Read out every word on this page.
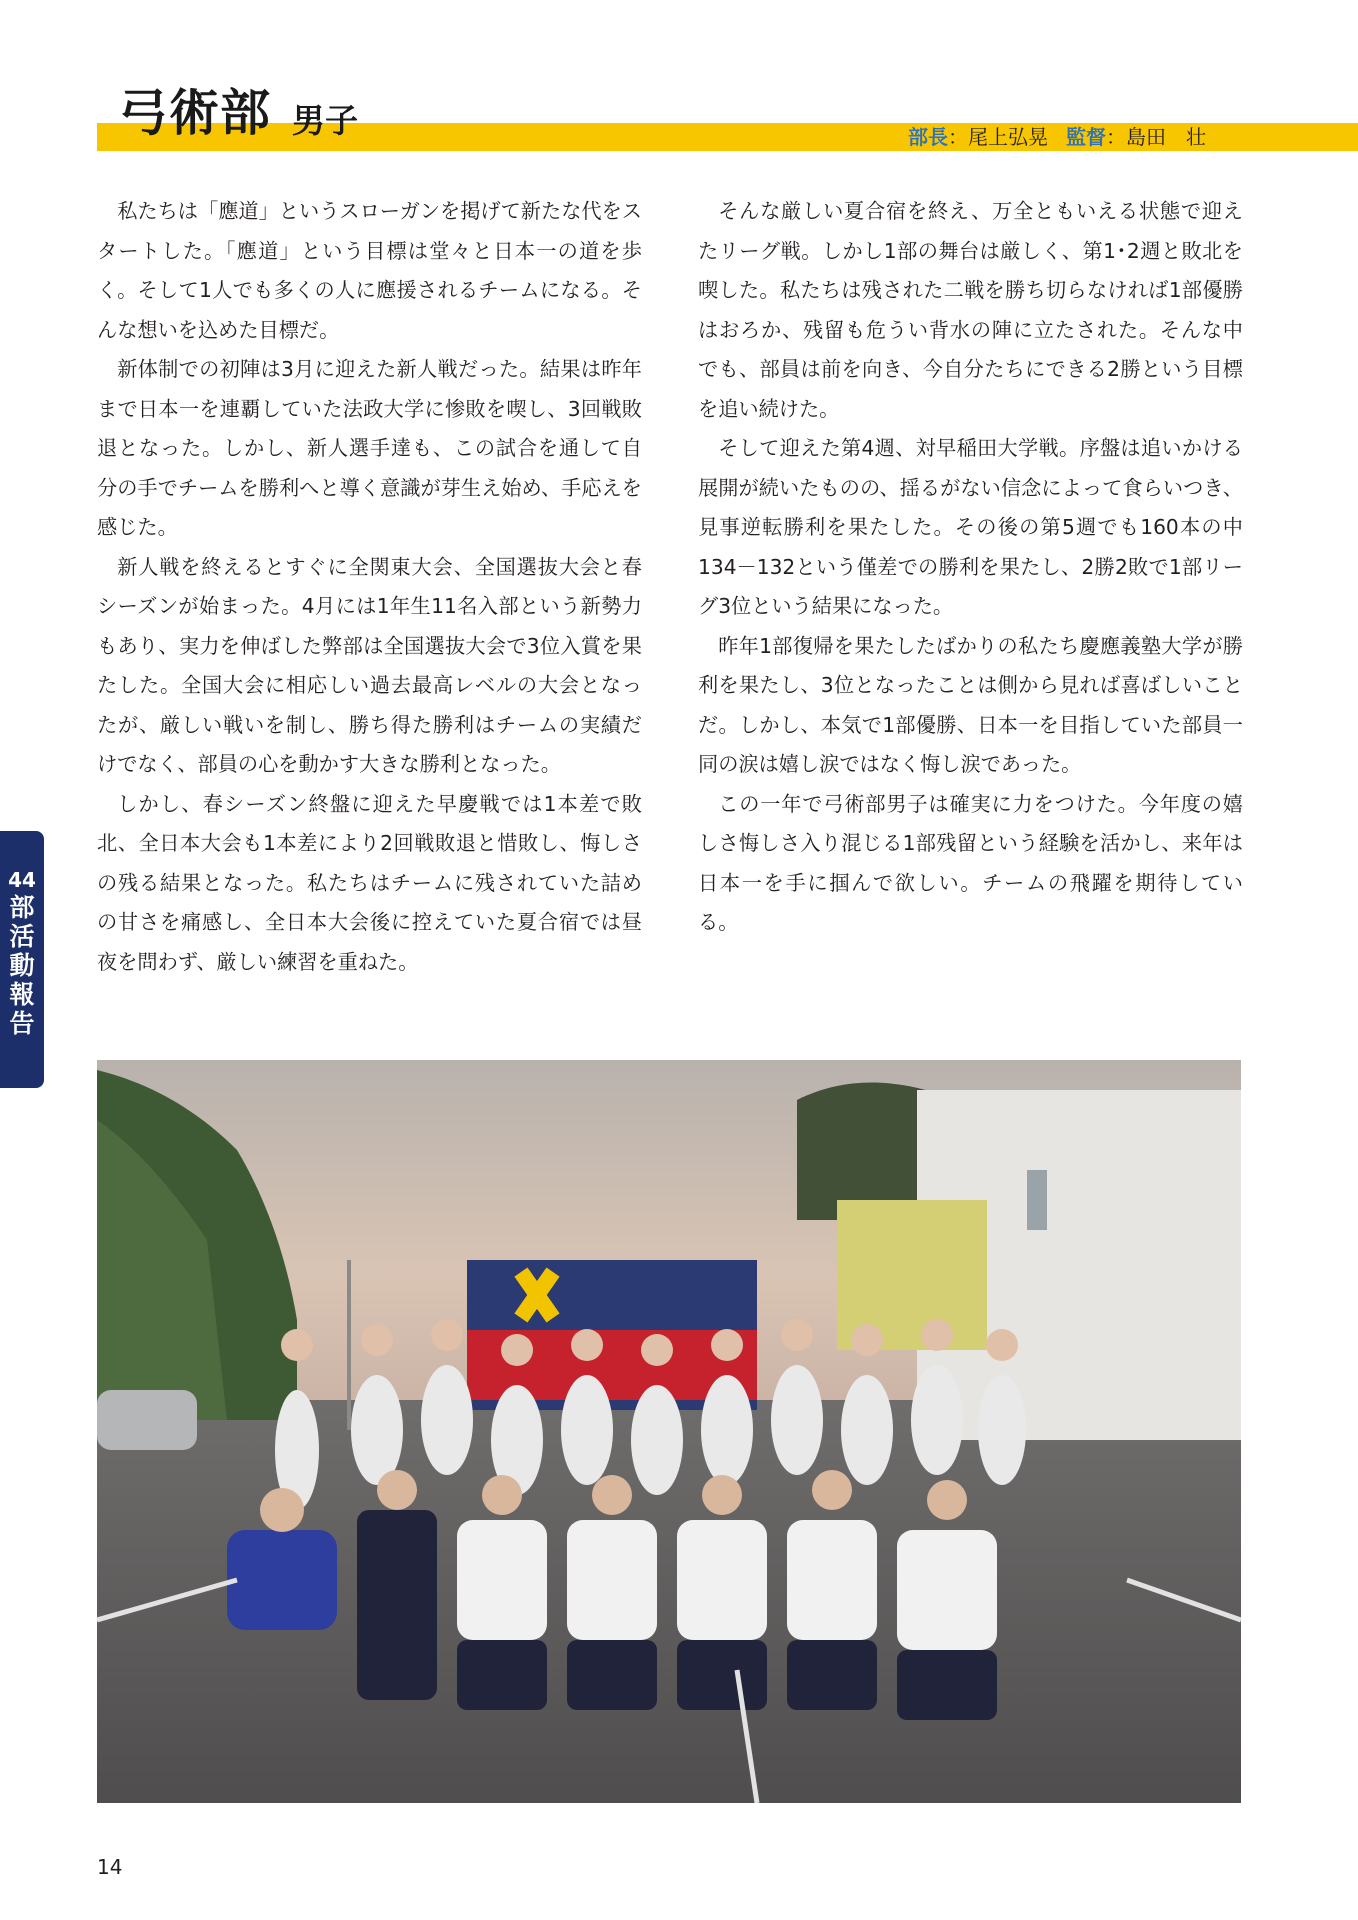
弓術部 男子	部長：尾上弘晃 監督：島田　壮

私たちは「應道」というスローガンを掲げて新たな代をスタートした。「應道」という目標は堂々と日本一の道を歩く。そして1人でも多くの人に應援されるチームになる。そんな想いを込めた目標だ。

新体制での初陣は3月に迎えた新人戦だった。結果は昨年まで日本一を連覇していた法政大学に惨敗を喫し、3回戦敗退となった。しかし、新人選手達も、この試合を通して自分の手でチームを勝利へと導く意識が芽生え始め、手応えを感じた。

新人戦を終えるとすぐに全関東大会、全国選抜大会と春シーズンが始まった。4月には1年生11名入部という新勢力もあり、実力を伸ばした弊部は全国選抜大会で3位入賞を果たした。全国大会に相応しい過去最高レベルの大会となったが、厳しい戦いを制し、勝ち得た勝利はチームの実績だけでなく、部員の心を動かす大きな勝利となった。

しかし、春シーズン終盤に迎えた早慶戦では1本差で敗北、全日本大会も1本差により2回戦敗退と惜敗し、悔しさの残る結果となった。私たちはチームに残されていた詰めの甘さを痛感し、全日本大会後に控えていた夏合宿では昼夜を問わず、厳しい練習を重ねた。

そんな厳しい夏合宿を終え、万全ともいえる状態で迎えたリーグ戦。しかし1部の舞台は厳しく、第1･2週と敗北を喫した。私たちは残された二戦を勝ち切らなければ1部優勝はおろか、残留も危うい背水の陣に立たされた。そんな中でも、部員は前を向き、今自分たちにできる2勝という目標を追い続けた。

そして迎えた第4週、対早稲田大学戦。序盤は追いかける展開が続いたものの、揺るがない信念によって食らいつき、見事逆転勝利を果たした。その後の第5週でも160本の中134－132という僅差での勝利を果たし、2勝2敗で1部リーグ3位という結果になった。

昨年1部復帰を果たしたばかりの私たち慶應義塾大学が勝利を果たし、3位となったことは側から見れば喜ばしいことだ。しかし、本気で1部優勝、日本一を目指していた部員一同の涙は嬉し涙ではなく悔し涙であった。

この一年で弓術部男子は確実に力をつけた。今年度の嬉しさ悔しさ入り混じる1部残留という経験を活かし、来年は日本一を手に掴んで欲しい。チームの飛躍を期待している。

44
部活動報告
14
